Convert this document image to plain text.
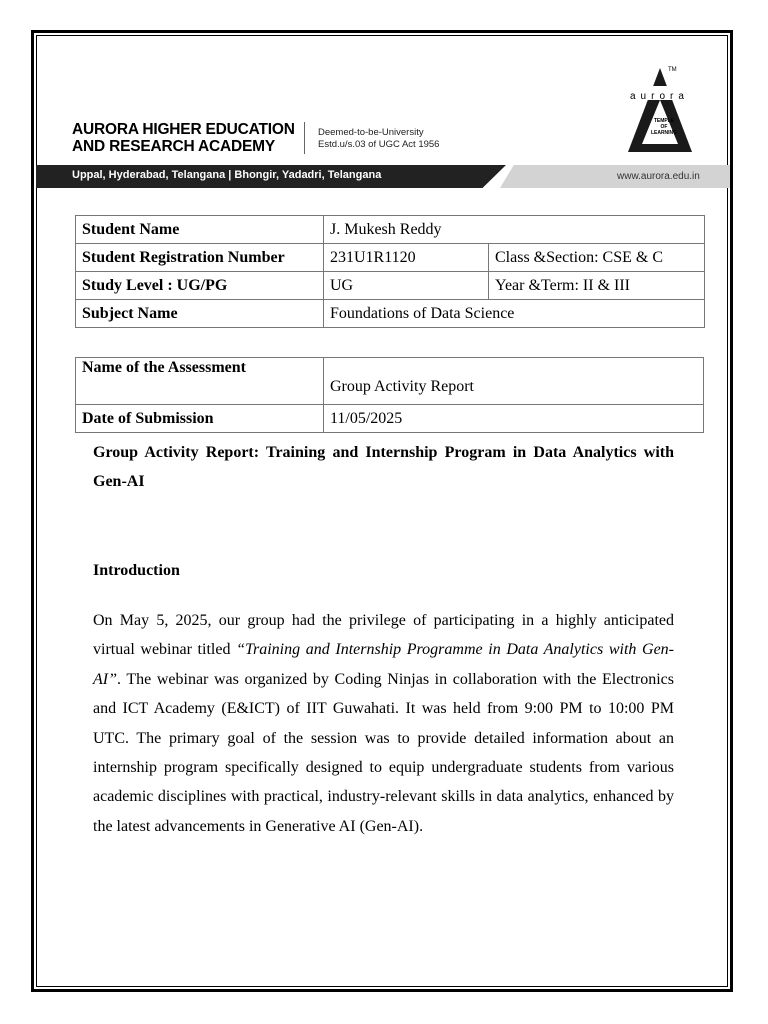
AURORA HIGHER EDUCATION
AND RESEARCH ACADEMY
Deemed-to-be-University
Estd.u/s.03 of UGC Act 1956
TM
aurora
TEMPLE
OF
LEARNING
Uppal, Hyderabad, Telangana | Bhongir, Yadadri, Telangana	www.aurora.edu.in
Student Name	J. Mukesh Reddy	
Student Registration Number	231U1R1120	Class &Section: CSE & C
Study Level : UG/PG	UG	Year &Term: II & III
Subject Name	Foundations of Data Science	
Name of the Assessment	Group Activity Report
Date of Submission	11/05/2025
Group Activity Report: Training and Internship Program in Data Analytics with Gen-AI
Introduction
On May 5, 2025, our group had the privilege of participating in a highly anticipated virtual webinar titled “Training and Internship Programme in Data Analytics with Gen-AI”. The webinar was organized by Coding Ninjas in collaboration with the Electronics and ICT Academy (E&ICT) of IIT Guwahati. It was held from 9:00 PM to 10:00 PM UTC. The primary goal of the session was to provide detailed information about an internship program specifically designed to equip undergraduate students from various academic disciplines with practical, industry-relevant skills in data analytics, enhanced by the latest advancements in Generative AI (Gen-AI).
